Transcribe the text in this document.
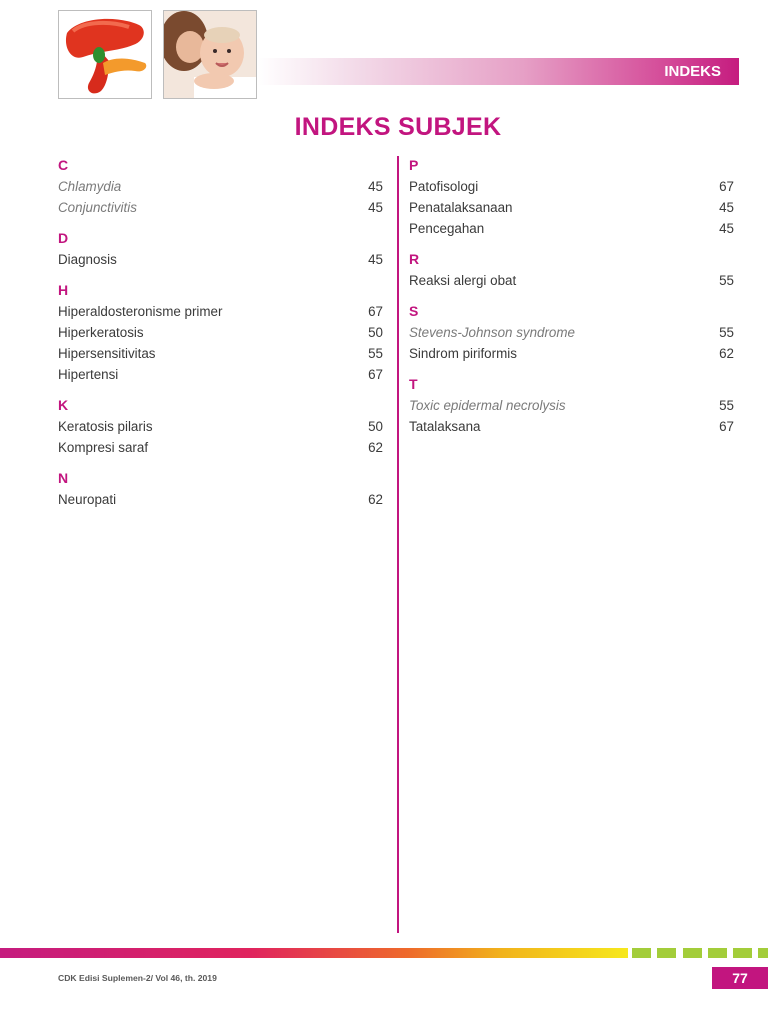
INDEKS
INDEKS SUBJEK
C
Chlamydia	45
Conjunctivitis	45
D
Diagnosis	45
H
Hiperaldosteronisme primer	67
Hiperkeratosis	50
Hipersensitivitas	55
Hipertensi	67
K
Keratosis pilaris	50
Kompresi saraf	62
N
Neuropati	62
P
Patofisologi	67
Penatalaksanaan	45
Pencegahan	45
R
Reaksi alergi obat	55
S
Stevens-Johnson syndrome	55
Sindrom piriformis	62
T
Toxic epidermal necrolysis	55
Tatalaksana	67
CDK Edisi Suplemen-2/ Vol 46, th. 2019	77
